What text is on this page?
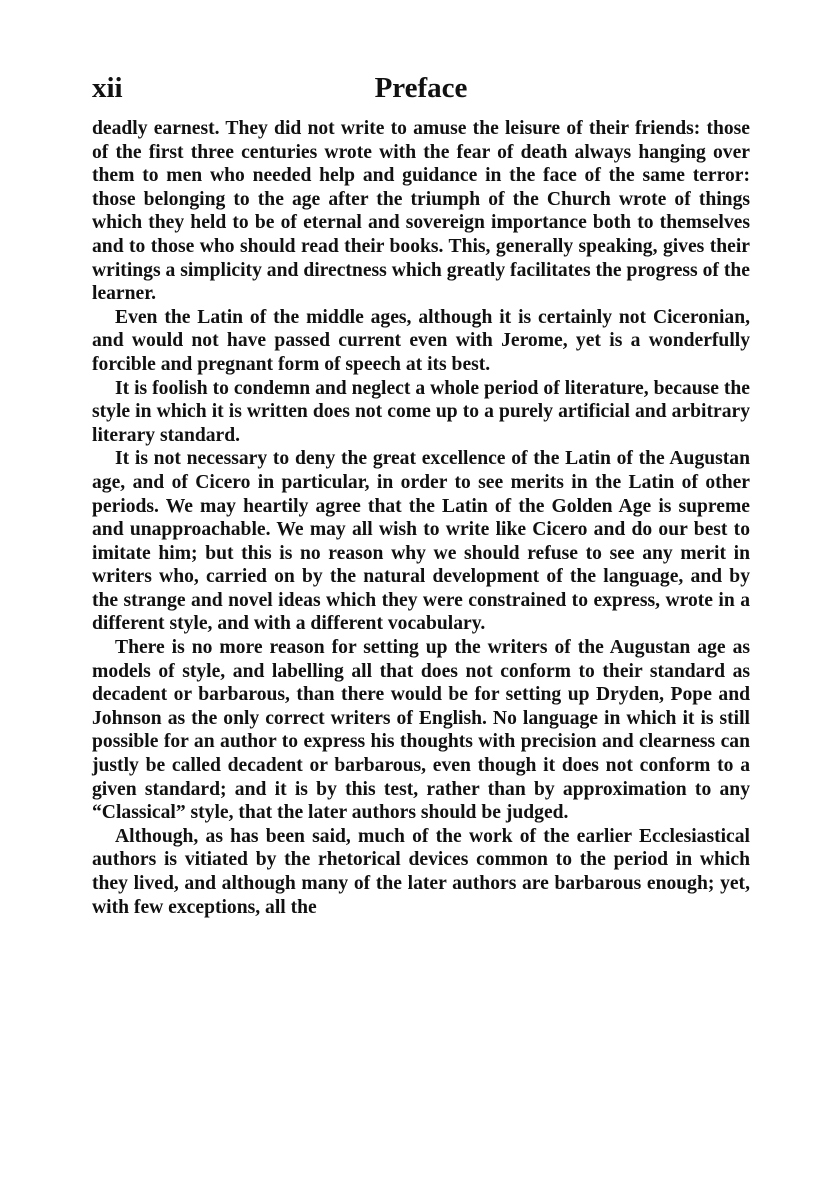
xii	Preface

deadly earnest. They did not write to amuse the leisure of their friends: those of the first three centuries wrote with the fear of death always hanging over them to men who needed help and guidance in the face of the same terror: those belonging to the age after the triumph of the Church wrote of things which they held to be of eternal and sovereign importance both to themselves and to those who should read their books. This, generally speaking, gives their writings a simplicity and directness which greatly facilitates the progress of the learner.

Even the Latin of the middle ages, although it is certainly not Ciceronian, and would not have passed current even with Jerome, yet is a wonderfully forcible and pregnant form of speech at its best.

It is foolish to condemn and neglect a whole period of literature, because the style in which it is written does not come up to a purely artificial and arbitrary literary standard.

It is not necessary to deny the great excellence of the Latin of the Augustan age, and of Cicero in particular, in order to see merits in the Latin of other periods. We may heartily agree that the Latin of the Golden Age is supreme and unapproachable. We may all wish to write like Cicero and do our best to imitate him; but this is no reason why we should refuse to see any merit in writers who, carried on by the natural development of the language, and by the strange and novel ideas which they were constrained to express, wrote in a different style, and with a different vocabulary.

There is no more reason for setting up the writers of the Augustan age as models of style, and labelling all that does not conform to their standard as decadent or barbarous, than there would be for setting up Dryden, Pope and Johnson as the only correct writers of English. No language in which it is still possible for an author to express his thoughts with precision and clearness can justly be called decadent or barbarous, even though it does not conform to a given standard; and it is by this test, rather than by approximation to any “Classical” style, that the later authors should be judged.

Although, as has been said, much of the work of the earlier Ecclesiastical authors is vitiated by the rhetorical devices common to the period in which they lived, and although many of the later authors are barbarous enough; yet, with few exceptions, all the
